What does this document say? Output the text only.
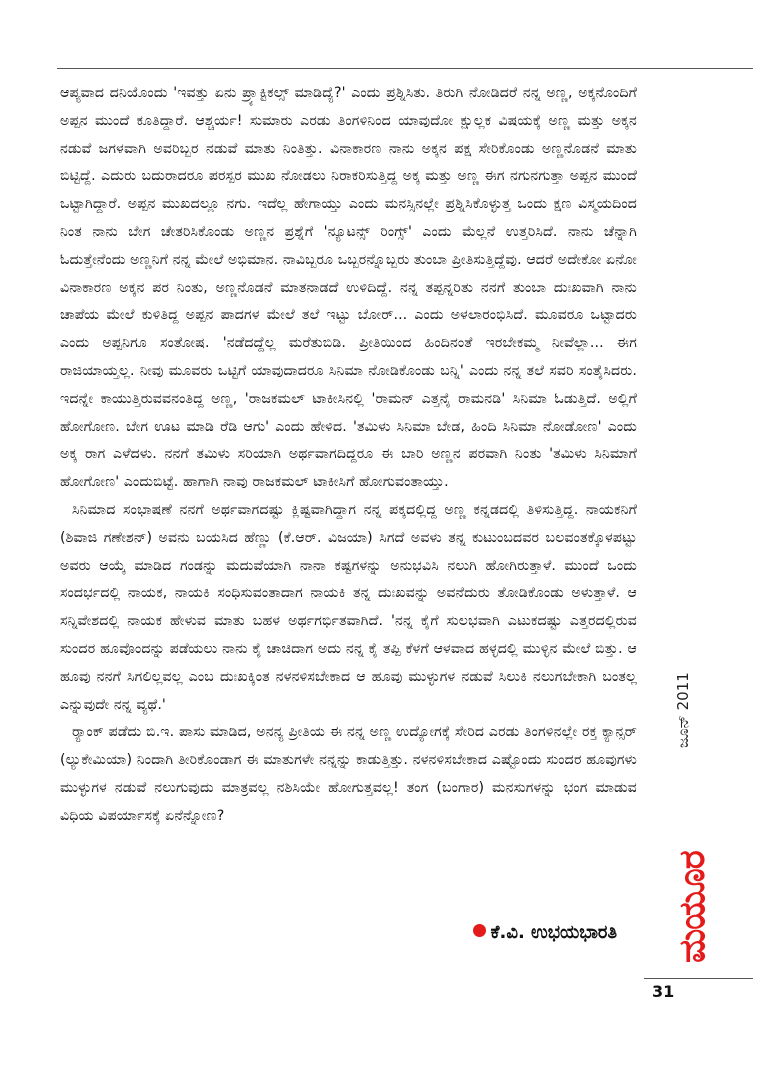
ಆಪ್ಯವಾದ ದನಿಯೊಂದು 'ಇವತ್ತು ಏನು ಪ್ರ್ಯಾಕ್ಟಿಕಲ್ಸ್ ಮಾಡಿದ್ಯೆ?' ಎಂದು ಪ್ರಶ್ನಿಸಿತು. ತಿರುಗಿ ನೋಡಿದರೆ ನನ್ನ ಅಣ್ಣ, ಅಕ್ಕನೊಂದಿಗೆ ಅಪ್ಪನ ಮುಂದೆ ಕೂತಿದ್ದಾರೆ. ಆಶ್ಚರ್ಯ! ಸುಮಾರು ಎರಡು ತಿಂಗಳಿನಿಂದ ಯಾವುದೋ ಕ್ಷುಲ್ಲಕ ವಿಷಯಕ್ಕೆ ಅಣ್ಣ ಮತ್ತು ಅಕ್ಕನ ನಡುವೆ ಜಗಳವಾಗಿ ಅವರಿಬ್ಬರ ನಡುವೆ ಮಾತು ನಿಂತಿತ್ತು. ವಿನಾಕಾರಣ ನಾನು ಅಕ್ಕನ ಪಕ್ಷ ಸೇರಿಕೊಂಡು ಅಣ್ಣನೊಡನೆ ಮಾತು ಬಿಟ್ಟಿದ್ದೆ. ಎದುರು ಬದುರಾದರೂ ಪರಸ್ಪರ ಮುಖ ನೋಡಲು ನಿರಾಕರಿಸುತ್ತಿದ್ದ ಅಕ್ಕ ಮತ್ತು ಅಣ್ಣ ಈಗ ನಗುನಗುತ್ತಾ ಅಪ್ಪನ ಮುಂದೆ ಒಟ್ಟಾಗಿದ್ದಾರೆ. ಅಪ್ಪನ ಮುಖದಲ್ಲೂ ನಗು. ಇದೆಲ್ಲ ಹೇಗಾಯ್ತು ಎಂದು ಮನಸ್ಸಿನಲ್ಲೇ ಪ್ರಶ್ನಿಸಿಕೊಳ್ಳುತ್ತ ಒಂದು ಕ್ಷಣ ವಿಸ್ಮಯದಿಂದ ನಿಂತ ನಾನು ಬೇಗ ಚೇತರಿಸಿಕೊಂಡು ಅಣ್ಣನ ಪ್ರಶ್ನೆಗೆ 'ನ್ಯೂಟನ್ಸ್ ರಿಂಗ್ಸ್' ಎಂದು ಮೆಲ್ಲನೆ ಉತ್ತರಿಸಿದೆ. ನಾನು ಚೆನ್ನಾಗಿ ಓದುತ್ತೇನೆಂದು ಅಣ್ಣನಿಗೆ ನನ್ನ ಮೇಲೆ ಅಭಿಮಾನ. ನಾವಿಬ್ಬರೂ ಒಬ್ಬರನ್ನೊಬ್ಬರು ತುಂಬಾ ಪ್ರೀತಿಸುತ್ತಿದ್ದೆವು. ಆದರೆ ಅದೇಕೋ ಏನೋ ವಿನಾಕಾರಣ ಅಕ್ಕನ ಪರ ನಿಂತು, ಅಣ್ಣನೊಡನೆ ಮಾತನಾಡದೆ ಉಳಿದಿದ್ದೆ. ನನ್ನ ತಪ್ಪನ್ನರಿತು ನನಗೆ ತುಂಬಾ ದುಃಖವಾಗಿ ನಾನು ಚಾಪೆಯ ಮೇಲೆ ಕುಳಿತಿದ್ದ ಅಪ್ಪನ ಪಾದಗಳ ಮೇಲೆ ತಲೆ ಇಟ್ಟು ಬೋರ್... ಎಂದು ಅಳಲಾರಂಭಿಸಿದೆ. ಮೂವರೂ ಒಟ್ಟಾದರು ಎಂದು ಅಪ್ಪನಿಗೂ ಸಂತೋಷ. 'ನಡೆದದ್ದೆಲ್ಲ ಮರೆತುಬಿಡಿ. ಪ್ರೀತಿಯಿಂದ ಹಿಂದಿನಂತೆ ಇರಬೇಕಮ್ಮ ನೀವೆಲ್ಲಾ... ಈಗ ರಾಜಿಯಾಯ್ತಲ್ಲ. ನೀವು ಮೂವರು ಒಟ್ಟಿಗೆ ಯಾವುದಾದರೂ ಸಿನಿಮಾ ನೋಡಿಕೊಂಡು ಬನ್ನಿ' ಎಂದು ನನ್ನ ತಲೆ ಸವರಿ ಸಂತೈಸಿದರು. ಇದನ್ನೇ ಕಾಯುತ್ತಿರುವವನಂತಿದ್ದ ಅಣ್ಣ, 'ರಾಜಕಮಲ್ ಟಾಕೀಸಿನಲ್ಲಿ 'ರಾಮನ್ ಎತ್ತನೈ ರಾಮನಡಿ' ಸಿನಿಮಾ ಓಡುತ್ತಿದೆ. ಅಲ್ಲಿಗೆ ಹೋಗೋಣ. ಬೇಗ ಊಟ ಮಾಡಿ ರೆಡಿ ಆಗು' ಎಂದು ಹೇಳಿದ. 'ತಮಿಳು ಸಿನಿಮಾ ಬೇಡ, ಹಿಂದಿ ಸಿನಿಮಾ ನೋಡೋಣ' ಎಂದು ಅಕ್ಕ ರಾಗ ಎಳೆದಳು. ನನಗೆ ತಮಿಳು ಸರಿಯಾಗಿ ಅರ್ಥವಾಗದಿದ್ದರೂ ಈ ಬಾರಿ ಅಣ್ಣನ ಪರವಾಗಿ ನಿಂತು 'ತಮಿಳು ಸಿನಿಮಾಗೆ ಹೋಗೋಣ' ಎಂದುಬಿಟ್ಟೆ. ಹಾಗಾಗಿ ನಾವು ರಾಜಕಮಲ್ ಟಾಕೀಸಿಗೆ ಹೋಗುವಂತಾಯ್ತು.

ಸಿನಿಮಾದ ಸಂಭಾಷಣೆ ನನಗೆ ಅರ್ಥವಾಗದಷ್ಟು ಕ್ಲಿಷ್ಟವಾಗಿದ್ದಾಗ ನನ್ನ ಪಕ್ಕದಲ್ಲಿದ್ದ ಅಣ್ಣ ಕನ್ನಡದಲ್ಲಿ ತಿಳಿಸುತ್ತಿದ್ದ. ನಾಯಕನಿಗೆ (ಶಿವಾಜಿ ಗಣೇಶನ್) ಅವನು ಬಯಸಿದ ಹೆಣ್ಣು (ಕೆ.ಆರ್. ವಿಜಯಾ) ಸಿಗದೆ ಅವಳು ತನ್ನ ಕುಟುಂಬದವರ ಬಲವಂತಕ್ಕೊಳಪಟ್ಟು ಅವರು ಆಯ್ಕೆ ಮಾಡಿದ ಗಂಡನ್ನು ಮದುವೆಯಾಗಿ ನಾನಾ ಕಷ್ಟಗಳನ್ನು ಅನುಭವಿಸಿ ನಲುಗಿ ಹೋಗಿರುತ್ತಾಳೆ. ಮುಂದೆ ಒಂದು ಸಂದರ್ಭದಲ್ಲಿ ನಾಯಕ, ನಾಯಕಿ ಸಂಧಿಸುವಂತಾದಾಗ ನಾಯಕಿ ತನ್ನ ದುಃಖವನ್ನು ಅವನೆದುರು ತೋಡಿಕೊಂಡು ಅಳುತ್ತಾಳೆ. ಆ ಸನ್ನಿವೇಶದಲ್ಲಿ ನಾಯಕ ಹೇಳುವ ಮಾತು ಬಹಳ ಅರ್ಥಗರ್ಭಿತವಾಗಿದೆ. 'ನನ್ನ ಕೈಗೆ ಸುಲಭವಾಗಿ ಎಟುಕದಷ್ಟು ಎತ್ತರದಲ್ಲಿರುವ ಸುಂದರ ಹೂವೊಂದನ್ನು ಪಡೆಯಲು ನಾನು ಕೈ ಚಾಚಿದಾಗ ಅದು ನನ್ನ ಕೈ ತಪ್ಪಿ ಕೆಳಗೆ ಆಳವಾದ ಹಳ್ಳದಲ್ಲಿ ಮುಳ್ಳಿನ ಮೇಲೆ ಬಿತ್ತು. ಆ ಹೂವು ನನಗೆ ಸಿಗಲಿಲ್ಲವಲ್ಲ ಎಂಬ ದುಃಖಕ್ಕಿಂತ ನಳನಳಿಸಬೇಕಾದ ಆ ಹೂವು ಮುಳ್ಳುಗಳ ನಡುವೆ ಸಿಲುಕಿ ನಲುಗಬೇಕಾಗಿ ಬಂತಲ್ಲ ಎನ್ನುವುದೇ ನನ್ನ ವ್ಯಥೆ.'

ರ್‍ಯಾಂಕ್ ಪಡೆದು ಬಿ.ಇ. ಪಾಸು ಮಾಡಿದ, ಅನನ್ಯ ಪ್ರೀತಿಯ ಈ ನನ್ನ ಅಣ್ಣ ಉದ್ಯೋಗಕ್ಕೆ ಸೇರಿದ ಎರಡು ತಿಂಗಳಿನಲ್ಲೇ ರಕ್ತ ಕ್ಯಾನ್ಸರ್ (ಲ್ಯುಕೇಮಿಯಾ) ನಿಂದಾಗಿ ತೀರಿಕೊಂಡಾಗ ಈ ಮಾತುಗಳೇ ನನ್ನನ್ನು ಕಾಡುತ್ತಿತ್ತು. ನಳನಳಿಸಬೇಕಾದ ಎಷ್ಟೊಂದು ಸುಂದರ ಹೂವುಗಳು ಮುಳ್ಳುಗಳ ನಡುವೆ ನಲುಗುವುದು ಮಾತ್ರವಲ್ಲ ನಶಿಸಿಯೇ ಹೋಗುತ್ತವಲ್ಲ! ತಂಗ (ಬಂಗಾರ) ಮನಸುಗಳನ್ನು ಭಂಗ ಮಾಡುವ ವಿಧಿಯ ವಿಪರ್ಯಾಸಕ್ಕೆ ಏನೆನ್ನೋಣ?

ಕೆ.ವಿ. ಉಭಯಭಾರತಿ
ಜೂನ್ 2011
ಮಯೂರ
31
